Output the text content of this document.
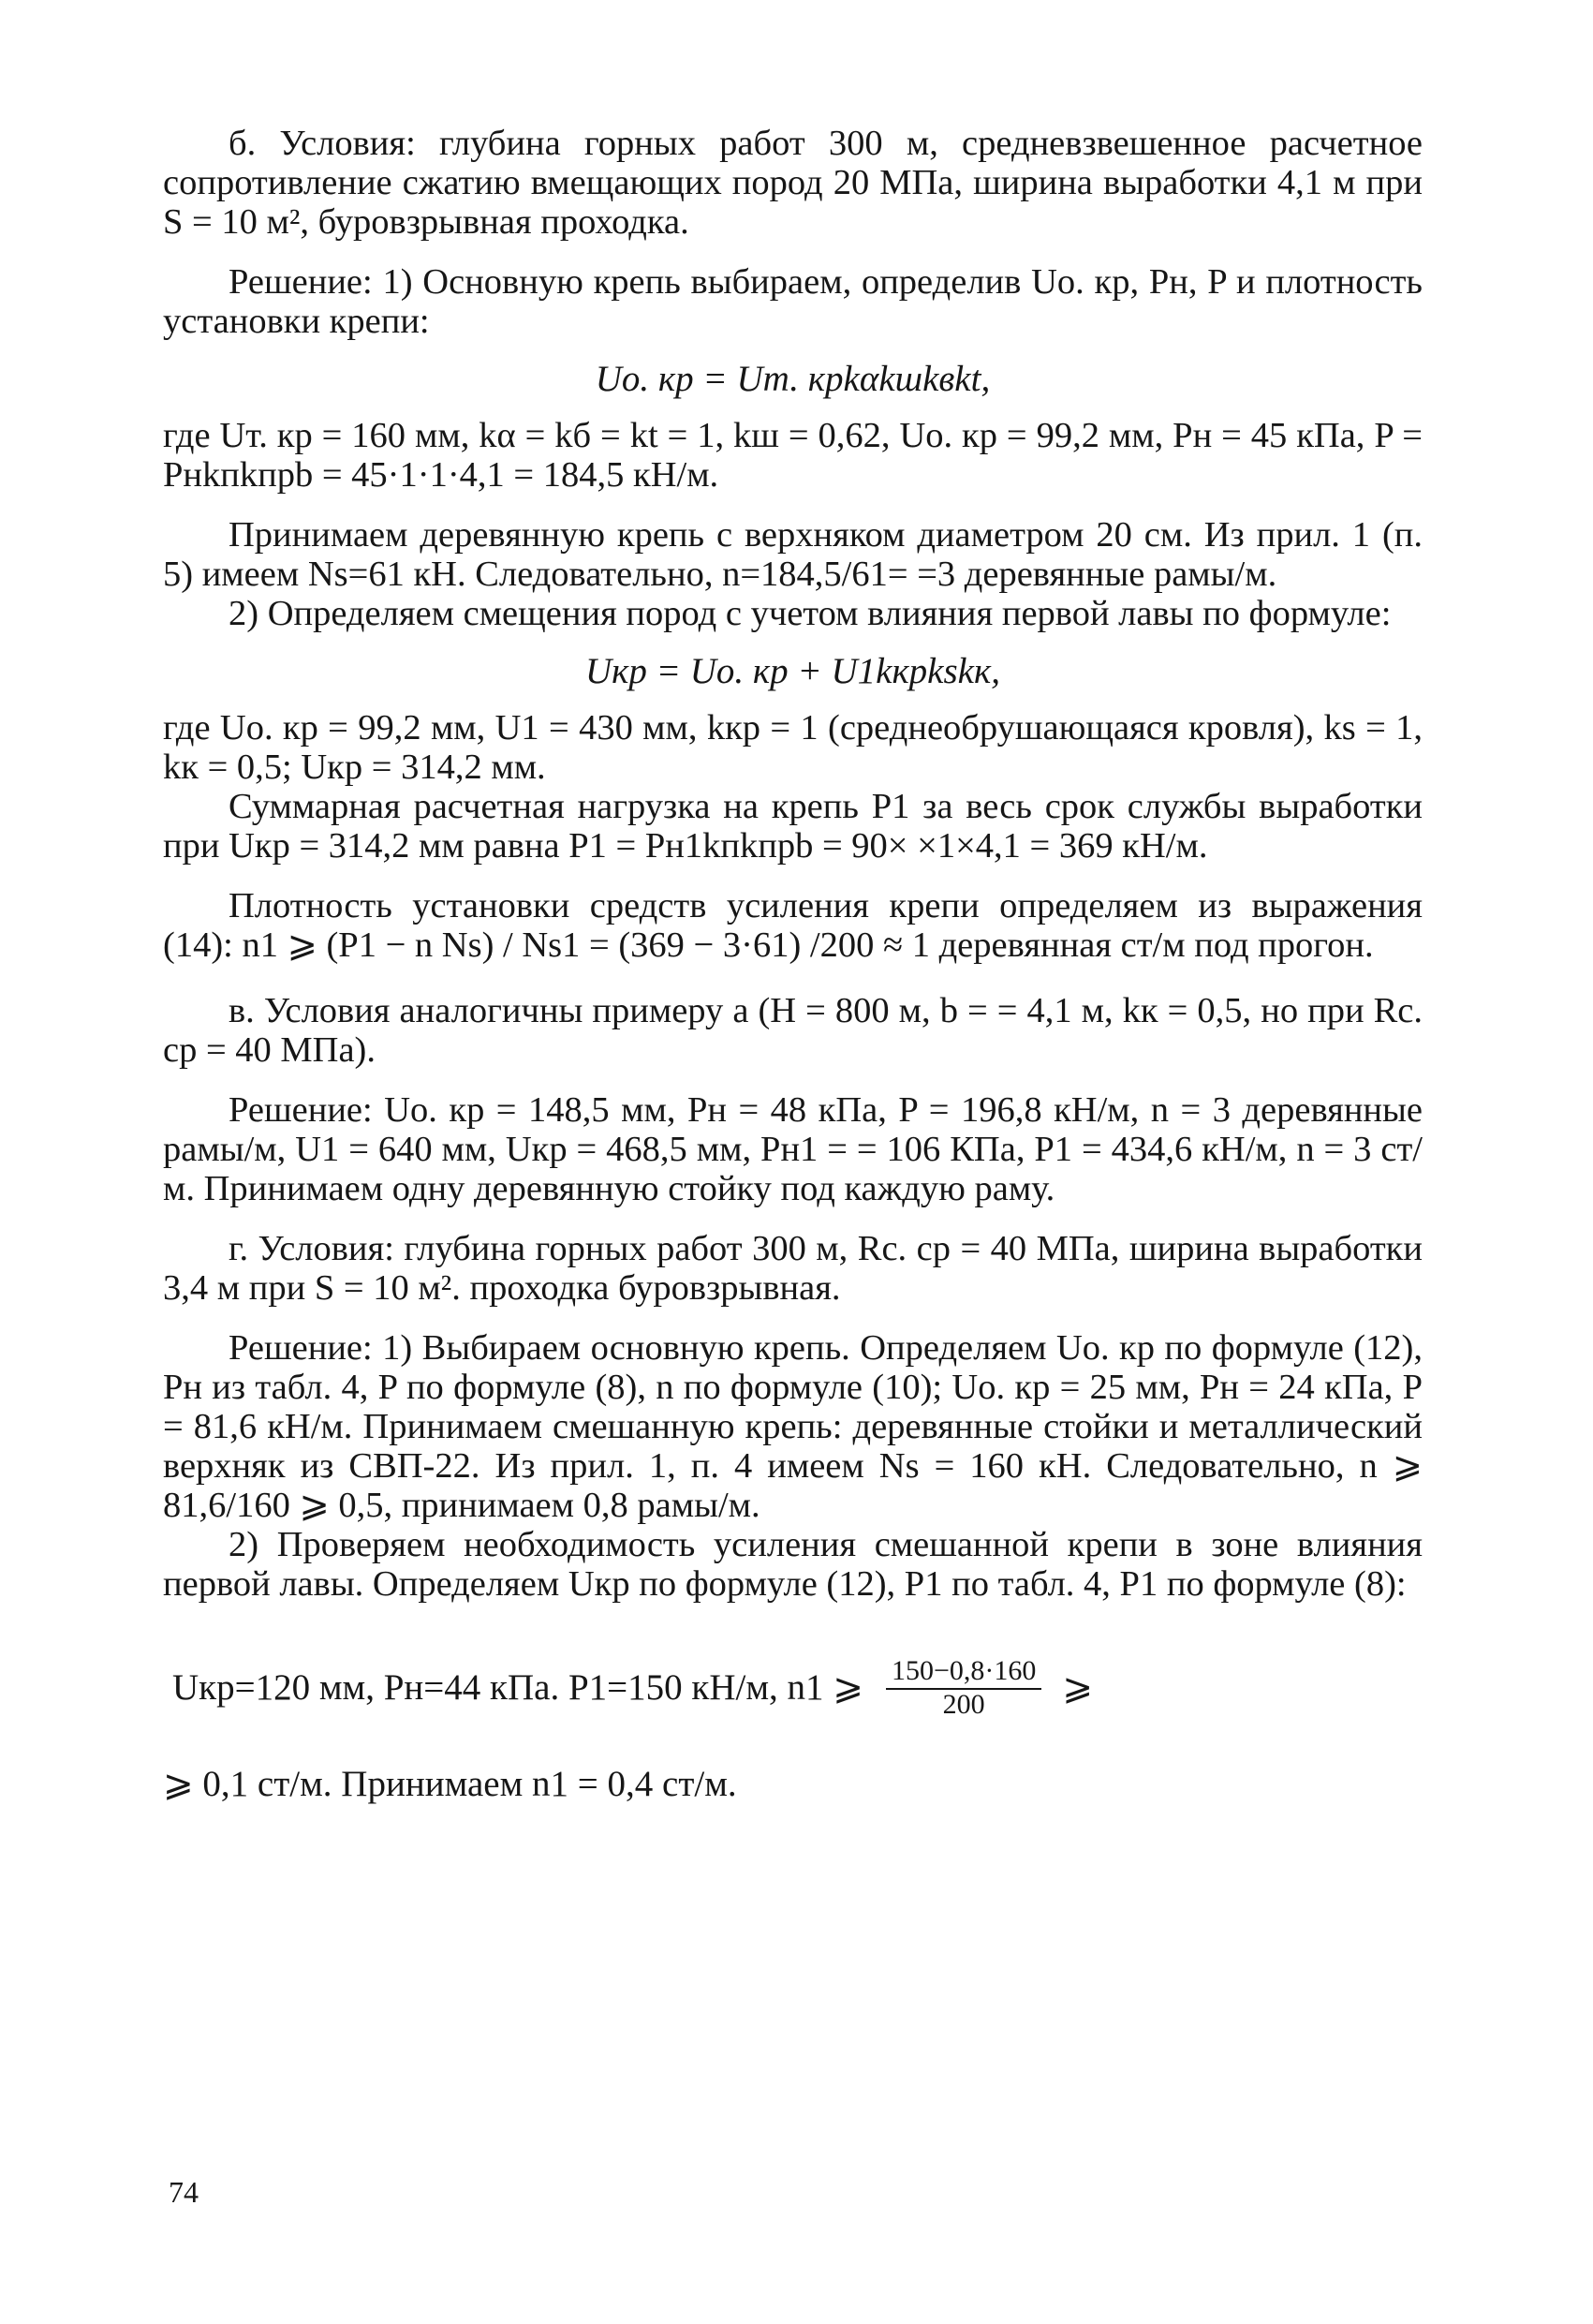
б. Условия: глубина горных работ 300 м, средневзвешенное расчетное сопротивление сжатию вмещающих пород 20 МПа, ширина выработки 4,1 м при S = 10 м², буровзрывная проходка.

Решение: 1) Основную крепь выбираем, определив Uо. кр, Pн, P и плотность установки крепи:

Uо. кр = Uт. крkαkшkвkt,

где Uт. кр = 160 мм, kα = kб = kt = 1, kш = 0,62, Uо. кр = 99,2 мм, Pн = 45 кПа, P = Pнkпkпрb = 45·1·1·4,1 = 184,5 кН/м.

Принимаем деревянную крепь с верхняком диаметром 20 см. Из прил. 1 (п. 5) имеем Ns=61 кН. Следовательно, n=184,5/61= =3 деревянные рамы/м.

2) Определяем смещения пород с учетом влияния первой лавы по формуле:

Uкр = Uо. кр + U1kкрkskк,

где Uо. кр = 99,2 мм, U1 = 430 мм, kкр = 1 (среднеобрушающаяся кровля), ks = 1, kк = 0,5; Uкр = 314,2 мм.

Суммарная расчетная нагрузка на крепь P1 за весь срок службы выработки при Uкр = 314,2 мм равна P1 = Pн1kпkпрb = 90× ×1×4,1 = 369 кН/м.

Плотность установки средств усиления крепи определяем из выражения (14): n1 ⩾ (P1 − n Ns) / Ns1 = (369 − 3·61) /200 ≈ 1 деревянная ст/м под прогон.

в. Условия аналогичны примеру а (H = 800 м, b = = 4,1 м, kк = 0,5, но при Rс. ср = 40 МПа).

Решение: Uо. кр = 148,5 мм, Pн = 48 кПа, P = 196,8 кН/м, n = 3 деревянные рамы/м, U1 = 640 мм, Uкр = 468,5 мм, Pн1 = = 106 КПа, P1 = 434,6 кН/м, n = 3 ст/м. Принимаем одну деревянную стойку под каждую раму.

г. Условия: глубина горных работ 300 м, Rс. ср = 40 МПа, ширина выработки 3,4 м при S = 10 м². проходка буровзрывная.

Решение: 1) Выбираем основную крепь. Определяем Uо. кр по формуле (12), Pн из табл. 4, P по формуле (8), n по формуле (10); Uо. кр = 25 мм, Pн = 24 кПа, P = 81,6 кН/м. Принимаем смешанную крепь: деревянные стойки и металлический верхняк из СВП-22. Из прил. 1, п. 4 имеем Ns = 160 кН. Следовательно, n ⩾ 81,6/160 ⩾ 0,5, принимаем 0,8 рамы/м.

2) Проверяем необходимость усиления смешанной крепи в зоне влияния первой лавы. Определяем Uкр по формуле (12), P1 по табл. 4, P1 по формуле (8):

Uкр=120 мм, Pн=44 кПа. P1=150 кН/м, n1 ⩾ $\frac{150-0,8\cdot 160}{200}$ ⩾

⩾ 0,1 ст/м. Принимаем n1 = 0,4 ст/м.

74
